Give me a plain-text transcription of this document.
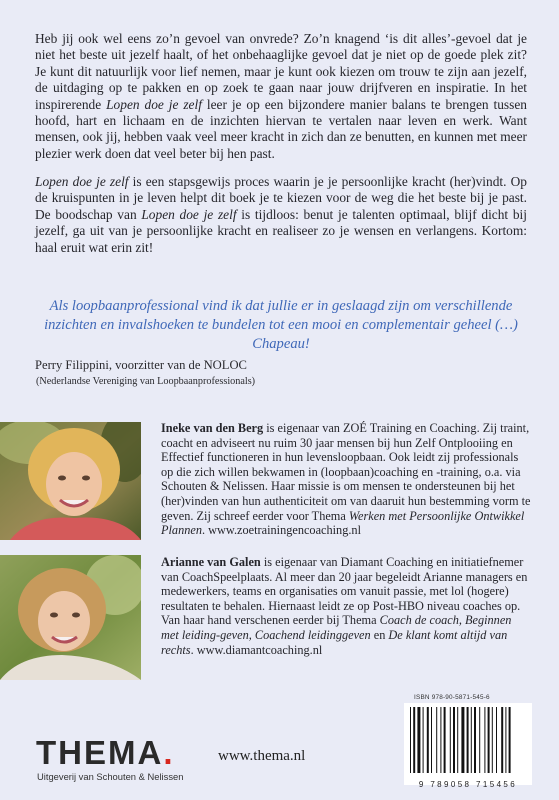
Heb jij ook wel eens zo’n gevoel van onvrede? Zo’n knagend ‘is dit alles’-gevoel dat je niet het beste uit jezelf haalt, of het onbehaaglijke gevoel dat je niet op de goede plek zit? Je kunt dit natuurlijk voor lief nemen, maar je kunt ook kiezen om trouw te zijn aan jezelf, de uitdaging op te pakken en op zoek te gaan naar jouw drijfveren en inspiratie. In het inspirerende Lopen doe je zelf leer je op een bijzondere manier balans te brengen tussen hoofd, hart en lichaam en de inzichten hiervan te vertalen naar leven en werk. Want mensen, ook jij, hebben vaak veel meer kracht in zich dan ze benutten, en kunnen met meer plezier werk doen dat veel beter bij hen past.

Lopen doe je zelf is een stapsgewijs proces waarin je je persoonlijke kracht (her)vindt. Op de kruispunten in je leven helpt dit boek je te kiezen voor de weg die het beste bij je past. De boodschap van Lopen doe je zelf is tijdloos: benut je talenten optimaal, blijf dicht bij jezelf, ga uit van je persoonlijke kracht en realiseer zo je wensen en verlangens. Kortom: haal eruit wat erin zit!

Als loopbaanprofessional vind ik dat jullie er in geslaagd zijn om verschillende inzichten en invalshoeken te bundelen tot een mooi en complementair geheel (…) Chapeau!

Perry Filippini, voorzitter van de NOLOC
(Nederlandse Vereniging van Loopbaanprofessionals)

Ineke van den Berg is eigenaar van ZOÉ Training en Coaching. Zij traint, coacht en adviseert nu ruim 30 jaar mensen bij hun Zelf Ontplooiing en Effectief functioneren in hun levensloopbaan. Ook leidt zij professionals op die zich willen bekwamen in (loopbaan)coaching en -training, o.a. via Schouten & Nelissen. Haar missie is om mensen te ondersteunen bij het (her)vinden van hun authenticiteit om van daaruit hun bestemming vorm te geven. Zij schreef eerder voor Thema Werken met Persoonlijke Ontwikkel Plannen. www.zoetrainingencoaching.nl

Arianne van Galen is eigenaar van Diamant Coaching en initiatiefnemer van CoachSpeelplaats. Al meer dan 20 jaar begeleidt Arianne managers en medewerkers, teams en organisaties om vanuit passie, met lol (hogere) resultaten te behalen. Hiernaast leidt ze op Post-HBO niveau coaches op. Van haar hand verschenen eerder bij Thema Coach de coach, Beginnen met leiding-geven, Coachend leidinggeven en De klant komt altijd van rechts. www.diamantcoaching.nl

THEMA.
Uitgeverij van Schouten & Nelissen
www.thema.nl
ISBN 978-90-5871-545-6
9 789058 715456
